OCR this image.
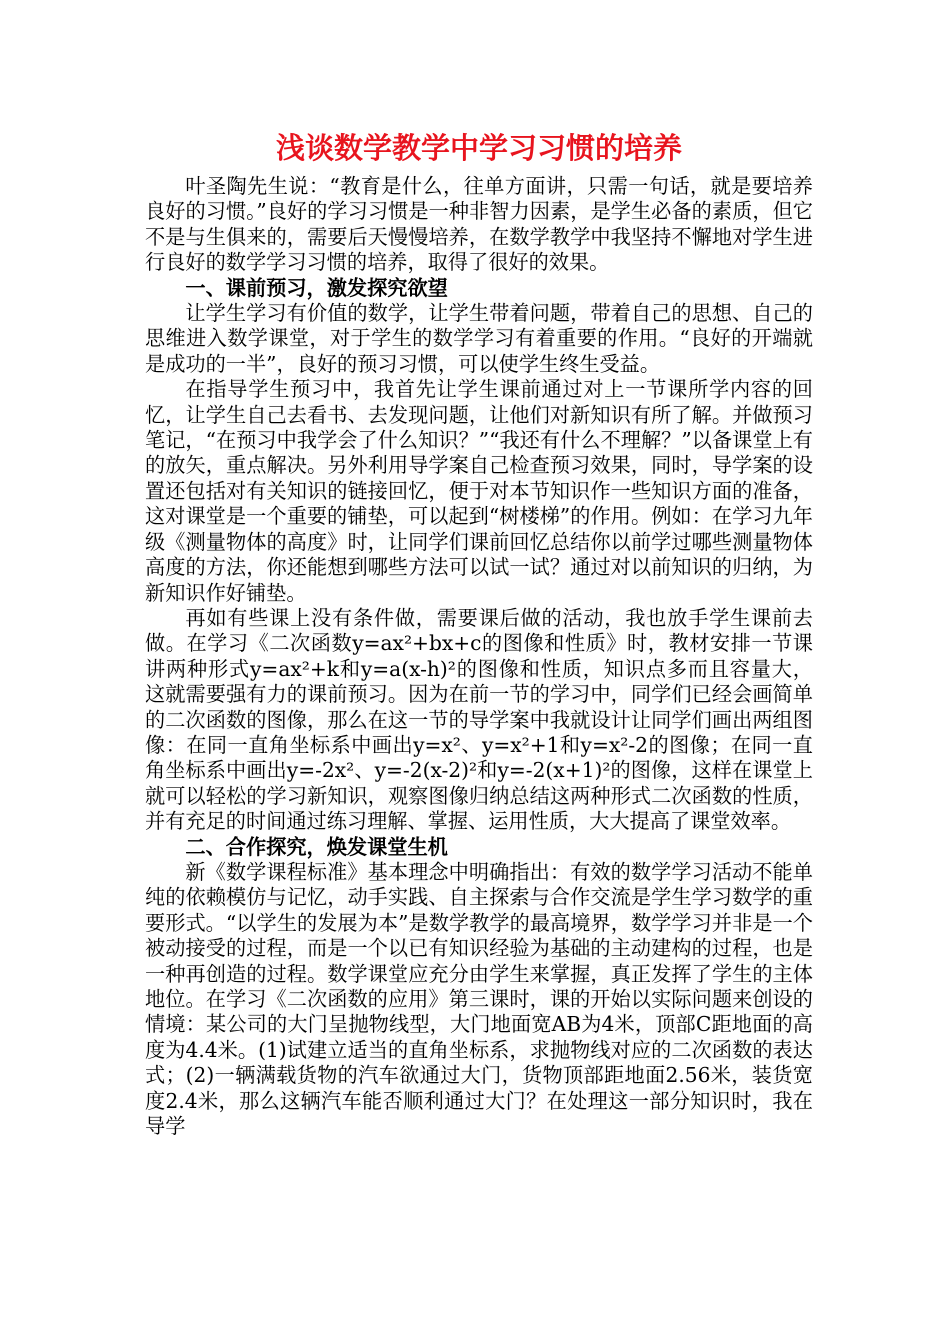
浅谈数学教学中学习习惯的培养

叶圣陶先生说：“教育是什么，往单方面讲，只需一句话，就是要培养良好的习惯。”良好的学习习惯是一种非智力因素，是学生必备的素质，但它不是与生俱来的，需要后天慢慢培养，在数学教学中我坚持不懈地对学生进行良好的数学学习习惯的培养，取得了很好的效果。

一、课前预习，激发探究欲望

让学生学习有价值的数学，让学生带着问题，带着自己的思想、自己的思维进入数学课堂，对于学生的数学学习有着重要的作用。“良好的开端就是成功的一半”，良好的预习习惯，可以使学生终生受益。

在指导学生预习中，我首先让学生课前通过对上一节课所学内容的回忆，让学生自己去看书、去发现问题，让他们对新知识有所了解。并做预习笔记，“在预习中我学会了什么知识？”“我还有什么不理解？”以备课堂上有的放矢，重点解决。另外利用导学案自己检查预习效果，同时，导学案的设置还包括对有关知识的链接回忆，便于对本节知识作一些知识方面的准备，这对课堂是一个重要的铺垫，可以起到“树楼梯”的作用。例如：在学习九年级《测量物体的高度》时，让同学们课前回忆总结你以前学过哪些测量物体高度的方法，你还能想到哪些方法可以试一试？通过对以前知识的归纳，为新知识作好铺垫。

再如有些课上没有条件做，需要课后做的活动，我也放手学生课前去做。在学习《二次函数y=ax²+bx+c的图像和性质》时，教材安排一节课讲两种形式y=ax²+k和y=a(x-h)²的图像和性质，知识点多而且容量大，这就需要强有力的课前预习。因为在前一节的学习中，同学们已经会画简单的二次函数的图像，那么在这一节的导学案中我就设计让同学们画出两组图像：在同一直角坐标系中画出y=x²、y=x²+1和y=x²-2的图像；在同一直角坐标系中画出y=-2x²、y=-2(x-2)²和y=-2(x+1)²的图像，这样在课堂上就可以轻松的学习新知识，观察图像归纳总结这两种形式二次函数的性质，并有充足的时间通过练习理解、掌握、运用性质，大大提高了课堂效率。

二、合作探究，焕发课堂生机

新《数学课程标准》基本理念中明确指出：有效的数学学习活动不能单纯的依赖模仿与记忆，动手实践、自主探索与合作交流是学生学习数学的重要形式。“以学生的发展为本”是数学教学的最高境界，数学学习并非是一个被动接受的过程，而是一个以已有知识经验为基础的主动建构的过程，也是一种再创造的过程。数学课堂应充分由学生来掌握，真正发挥了学生的主体地位。在学习《二次函数的应用》第三课时，课的开始以实际问题来创设的情境：某公司的大门呈抛物线型，大门地面宽AB为4米，顶部C距地面的高度为4.4米。(1)试建立适当的直角坐标系，求抛物线对应的二次函数的表达式；(2)一辆满载货物的汽车欲通过大门，货物顶部距地面2.56米，装货宽度2.4米，那么这辆汽车能否顺利通过大门？在处理这一部分知识时，我在导学
